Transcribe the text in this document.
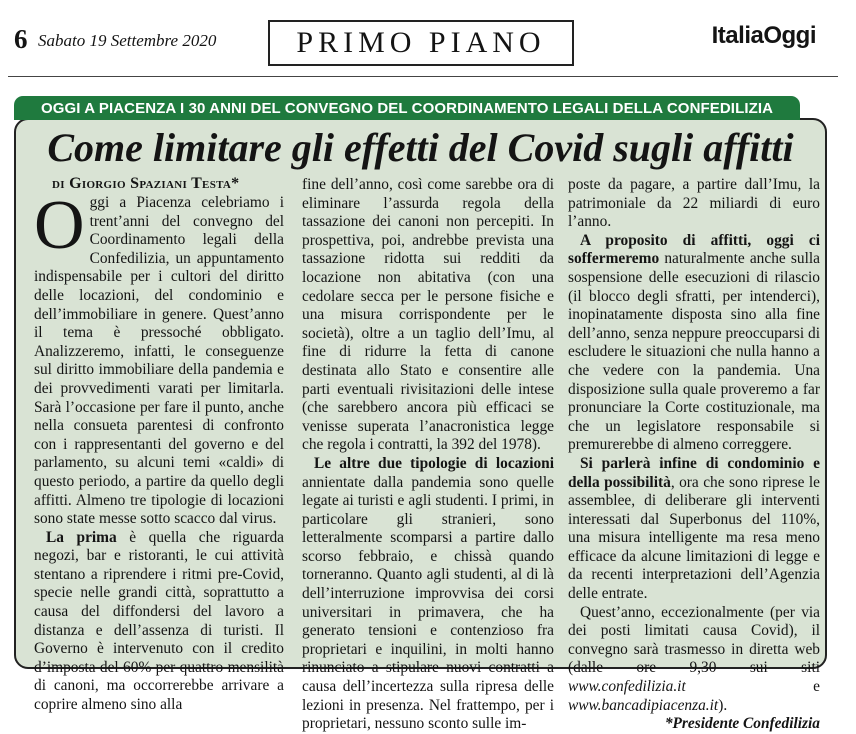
6 Sabato 19 Settembre 2020	PRIMO PIANO	ItaliaOggi
OGGI A PIACENZA I 30 ANNI DEL CONVEGNO DEL COORDINAMENTO LEGALI DELLA CONFEDILIZIA
Come limitare gli effetti del Covid sugli affitti
di Giorgio Spaziani Testa*

Oggi a Piacenza celebriamo i trent’anni del convegno del Coordinamento legali della Confedilizia, un appuntamento indispensabile per i cultori del diritto delle locazioni, del condominio e dell’immobiliare in genere. Quest’anno il tema è pressoché obbligato. Analizzeremo, infatti, le conseguenze sul diritto immobiliare della pandemia e dei provvedimenti varati per limitarla. Sarà l’occasione per fare il punto, anche nella consueta parentesi di confronto con i rappresentanti del governo e del parlamento, su alcuni temi «caldi» di questo periodo, a partire da quello degli affitti. Almeno tre tipologie di locazioni sono state messe sotto scacco dal virus.

La prima è quella che riguarda negozi, bar e ristoranti, le cui attività stentano a riprendere i ritmi pre-Covid, specie nelle grandi città, soprattutto a causa del diffondersi del lavoro a distanza e dell’assenza di turisti. Il Governo è intervenuto con il credito d’imposta del 60% per quattro mensilità di canoni, ma occorrerebbe arrivare a coprire almeno sino alla

fine dell’anno, così come sarebbe ora di eliminare l’assurda regola della tassazione dei canoni non percepiti. In prospettiva, poi, andrebbe prevista una tassazione ridotta sui redditi da locazione non abitativa (con una cedolare secca per le persone fisiche e una misura corrispondente per le società), oltre a un taglio dell’Imu, al fine di ridurre la fetta di canone destinata allo Stato e consentire alle parti eventuali rivisitazioni delle intese (che sarebbero ancora più efficaci se venisse superata l’anacronistica legge che regola i contratti, la 392 del 1978).

Le altre due tipologie di locazioni annientate dalla pandemia sono quelle legate ai turisti e agli studenti. I primi, in particolare gli stranieri, sono letteralmente scomparsi a partire dallo scorso febbraio, e chissà quando torneranno. Quanto agli studenti, al di là dell’interruzione improvvisa dei corsi universitari in primavera, che ha generato tensioni e contenzioso fra proprietari e inquilini, in molti hanno rinunciato a stipulare nuovi contratti a causa dell’incertezza sulla ripresa delle lezioni in presenza. Nel frattempo, per i proprietari, nessuno sconto sulle im-

poste da pagare, a partire dall’Imu, la patrimoniale da 22 miliardi di euro l’anno.

A proposito di affitti, oggi ci soffermeremo naturalmente anche sulla sospensione delle esecuzioni di rilascio (il blocco degli sfratti, per intenderci), inopinatamente disposta sino alla fine dell’anno, senza neppure preoccuparsi di escludere le situazioni che nulla hanno a che vedere con la pandemia. Una disposizione sulla quale proveremo a far pronunciare la Corte costituzionale, ma che un legislatore responsabile si premurerebbe di almeno correggere.

Si parlerà infine di condominio e della possibilità, ora che sono riprese le assemblee, di deliberare gli interventi interessati dal Superbonus del 110%, una misura intelligente ma resa meno efficace da alcune limitazioni di legge e da recenti interpretazioni dell’Agenzia delle entrate.

Quest’anno, eccezionalmente (per via dei posti limitati causa Covid), il convegno sarà trasmesso in diretta web (dalle ore 9,30 sui siti www.confedilizia.it e www.bancadipiacenza.it).

*Presidente Confedilizia
